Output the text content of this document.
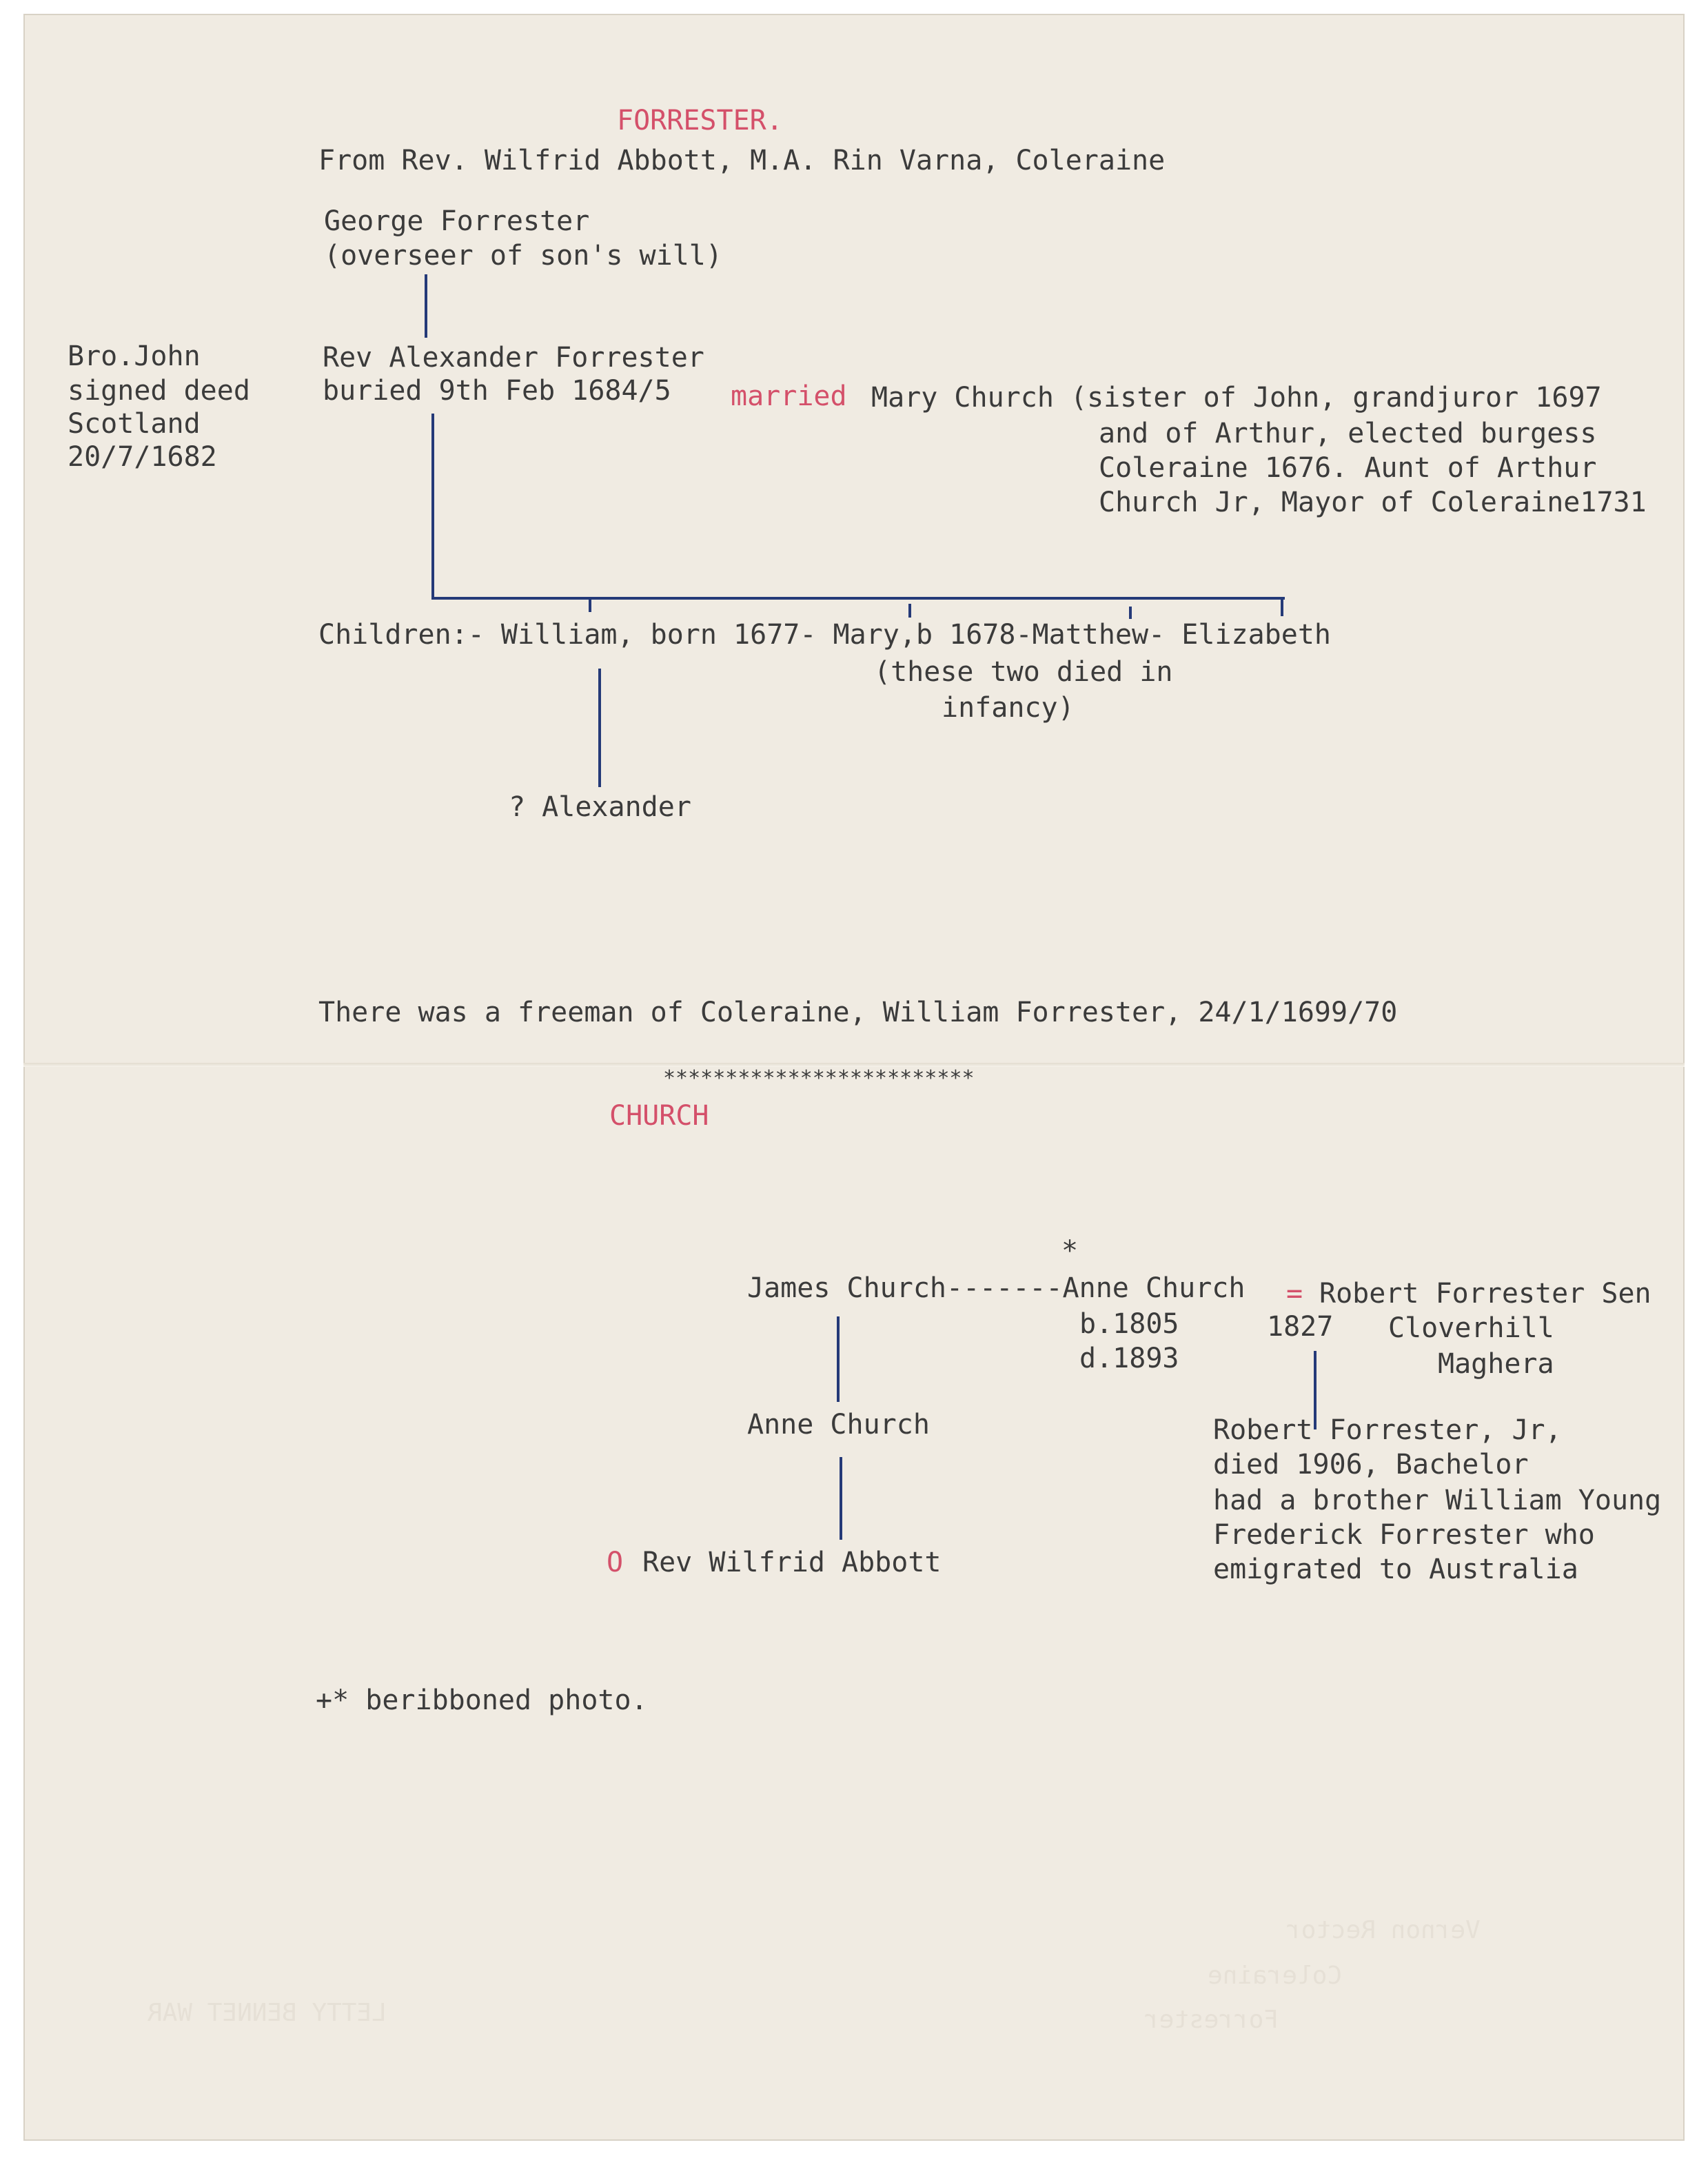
FORRESTER.
From Rev. Wilfrid Abbott, M.A. Rin Varna, Coleraine
George Forrester
(overseer of son's will)
Bro.John
signed deed
Scotland
20/7/1682
Rev Alexander Forrester
buried 9th Feb 1684/5 married Mary Church (sister of John, grandjuror 1697
and of Arthur, elected burgess
Coleraine 1676. Aunt of Arthur
Church Jr, Mayor of Coleraine1731
Children:- William, born 1677- Mary,b 1678-Matthew- Elizabeth
(these two died in
infancy)
? Alexander
There was a freeman of Coleraine, William Forrester, 24/1/1699/70
*************************
CHURCH
*
James Church-------Anne Church = Robert Forrester Sen
b.1805
d.1893
1827 Cloverhill
Maghera
Anne Church
O Rev Wilfrid Abbott
Robert Forrester, Jr,
died 1906, Bachelor
had a brother William Young
Frederick Forrester who
emigrated to Australia
+* beribboned photo.
LETTY BENNET WAR
Coleraine
Forrester
Vernon Rector
